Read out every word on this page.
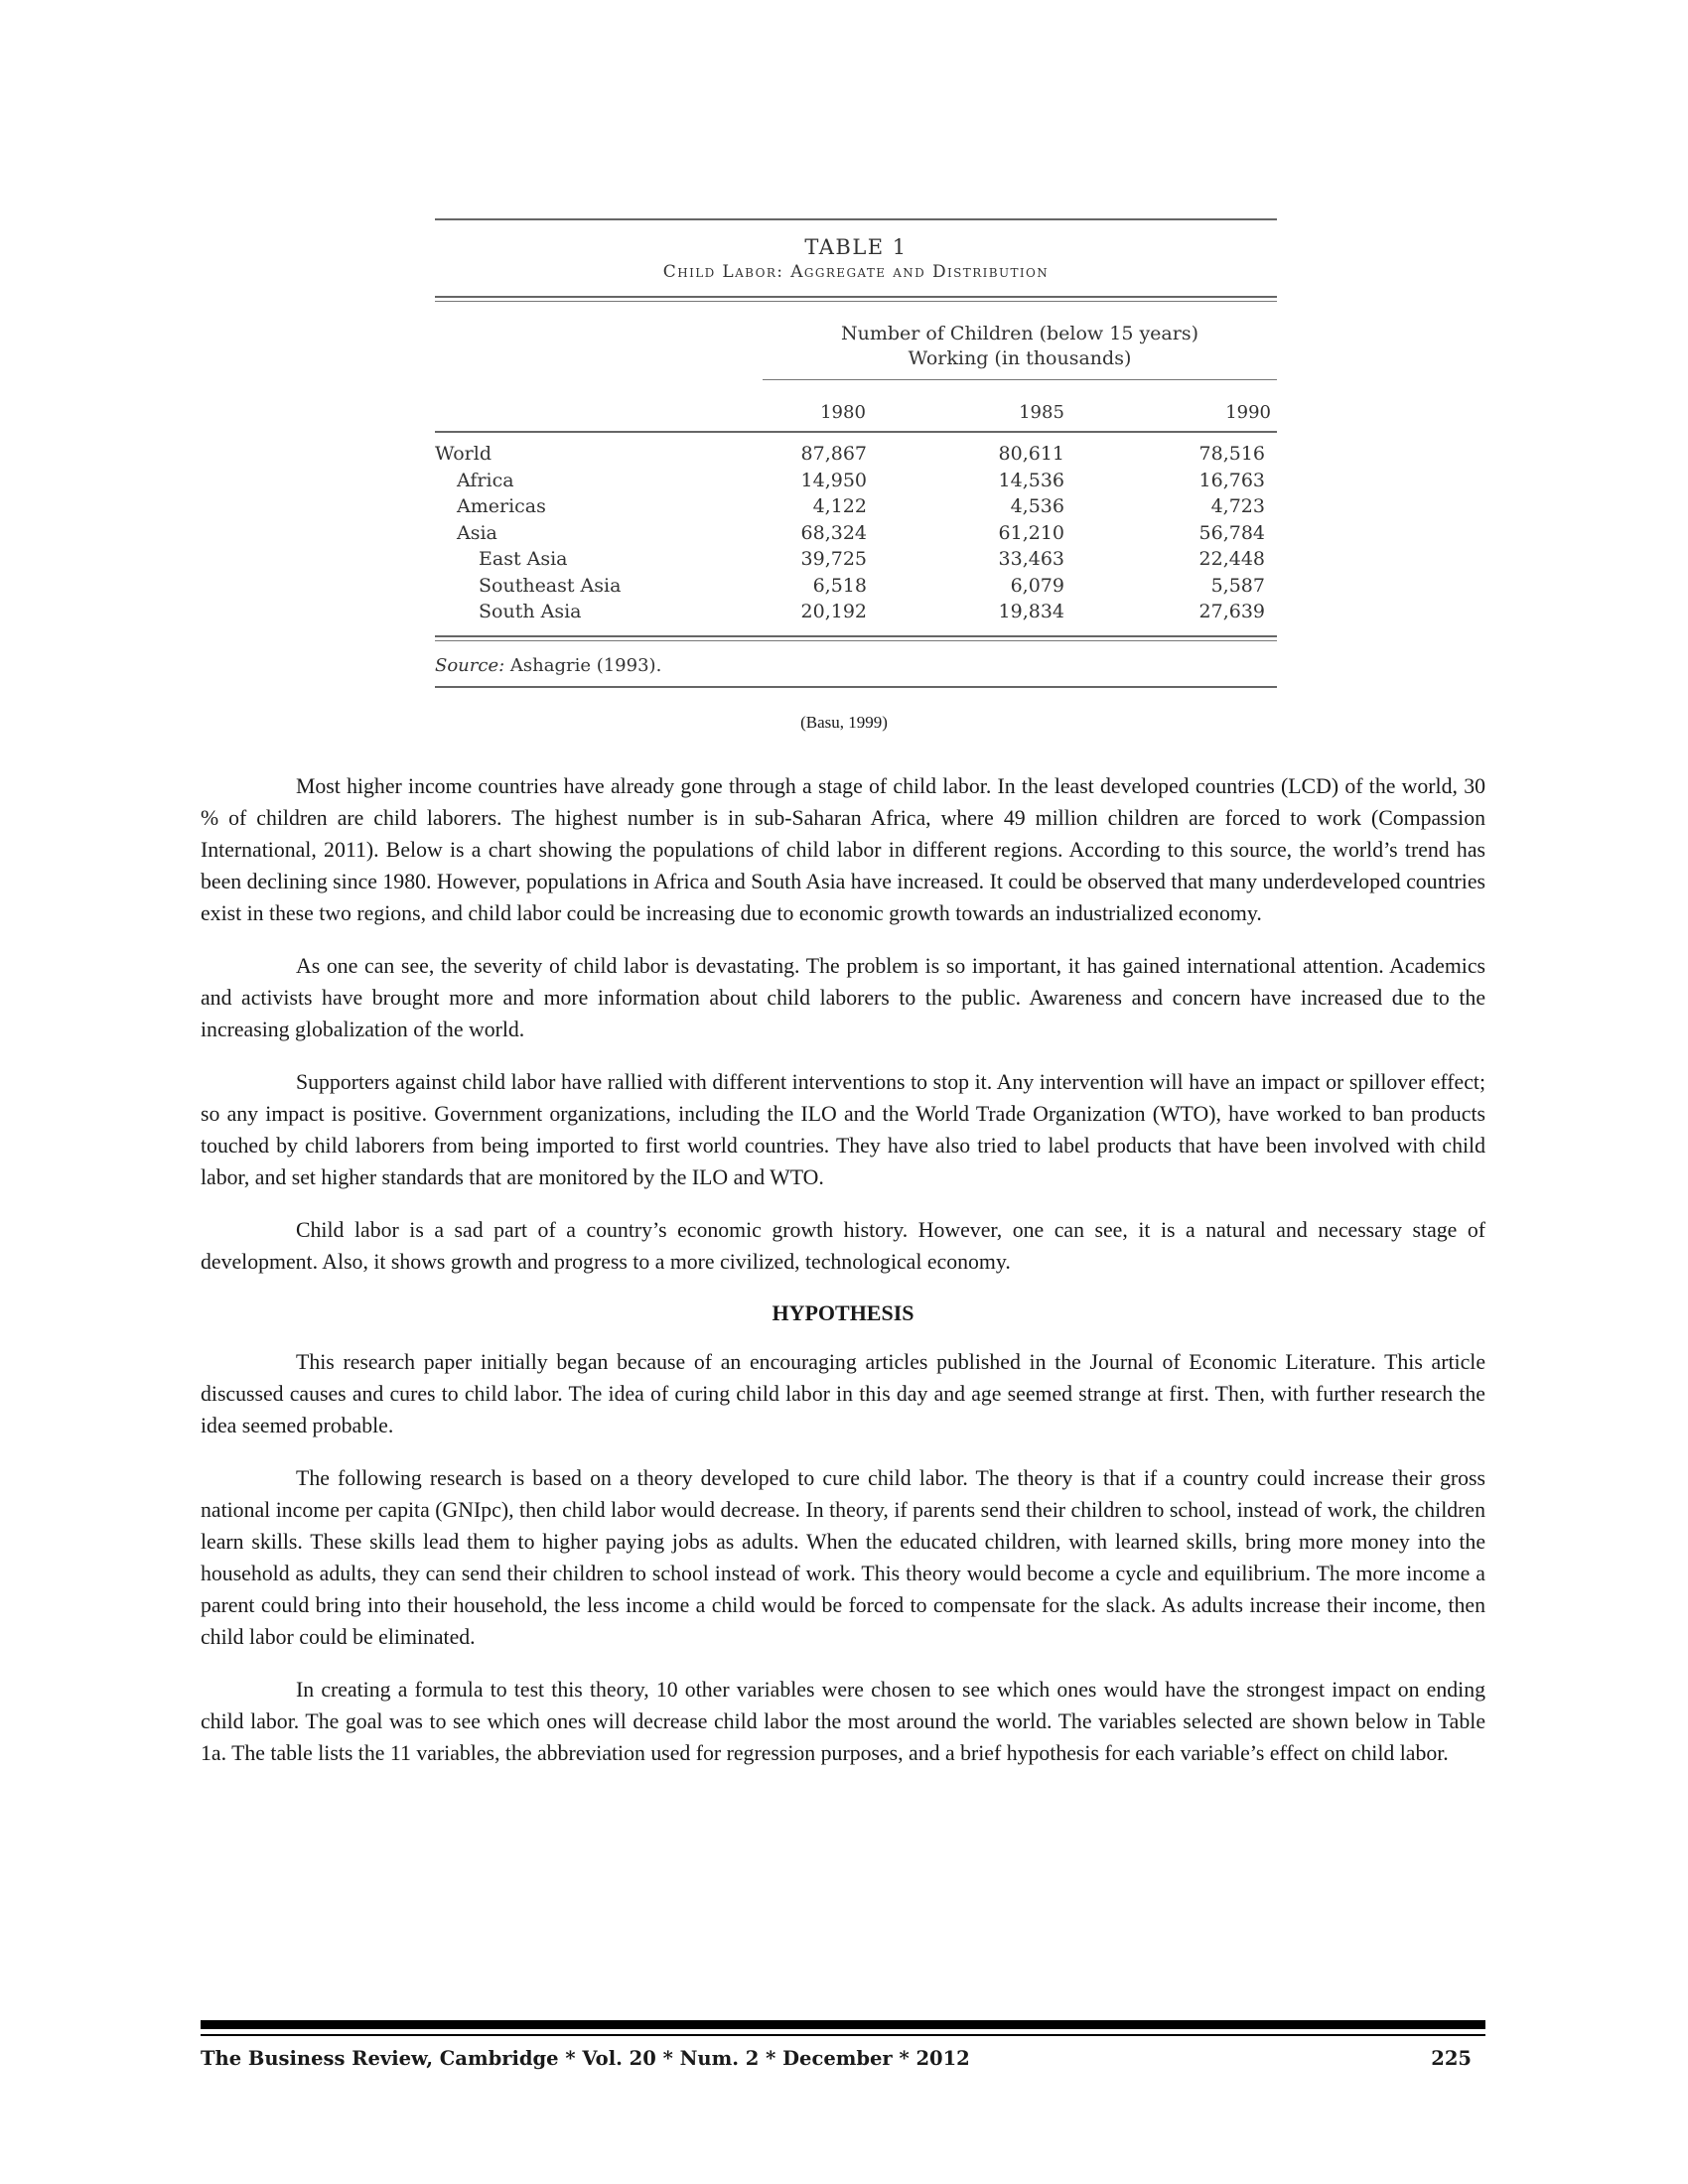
TABLE 1
Child Labor: Aggregate and Distribution
Number of Children (below 15 years)
Working (in thousands)
1980	1985	1990
World	87,867	80,611	78,516
Africa	14,950	14,536	16,763
Americas	4,122	4,536	4,723
Asia	68,324	61,210	56,784
East Asia	39,725	33,463	22,448
Southeast Asia	6,518	6,079	5,587
South Asia	20,192	19,834	27,639
Source: Ashagrie (1993).
(Basu, 1999)

Most higher income countries have already gone through a stage of child labor. In the least developed countries (LCD) of the world, 30 % of children are child laborers. The highest number is in sub-Saharan Africa, where 49 million children are forced to work (Compassion International, 2011). Below is a chart showing the populations of child labor in different regions. According to this source, the world’s trend has been declining since 1980. However, populations in Africa and South Asia have increased. It could be observed that many underdeveloped countries exist in these two regions, and child labor could be increasing due to economic growth towards an industrialized economy.

As one can see, the severity of child labor is devastating. The problem is so important, it has gained international attention. Academics and activists have brought more and more information about child laborers to the public. Awareness and concern have increased due to the increasing globalization of the world.

Supporters against child labor have rallied with different interventions to stop it. Any intervention will have an impact or spillover effect; so any impact is positive. Government organizations, including the ILO and the World Trade Organization (WTO), have worked to ban products touched by child laborers from being imported to first world countries. They have also tried to label products that have been involved with child labor, and set higher standards that are monitored by the ILO and WTO.

Child labor is a sad part of a country’s economic growth history. However, one can see, it is a natural and necessary stage of development. Also, it shows growth and progress to a more civilized, technological economy.

HYPOTHESIS

This research paper initially began because of an encouraging articles published in the Journal of Economic Literature. This article discussed causes and cures to child labor. The idea of curing child labor in this day and age seemed strange at first. Then, with further research the idea seemed probable.

The following research is based on a theory developed to cure child labor. The theory is that if a country could increase their gross national income per capita (GNIpc), then child labor would decrease. In theory, if parents send their children to school, instead of work, the children learn skills. These skills lead them to higher paying jobs as adults. When the educated children, with learned skills, bring more money into the household as adults, they can send their children to school instead of work. This theory would become a cycle and equilibrium. The more income a parent could bring into their household, the less income a child would be forced to compensate for the slack. As adults increase their income, then child labor could be eliminated.

In creating a formula to test this theory, 10 other variables were chosen to see which ones would have the strongest impact on ending child labor. The goal was to see which ones will decrease child labor the most around the world. The variables selected are shown below in Table 1a. The table lists the 11 variables, the abbreviation used for regression purposes, and a brief hypothesis for each variable’s effect on child labor.

The Business Review, Cambridge * Vol. 20 * Num. 2 * December * 2012	225
